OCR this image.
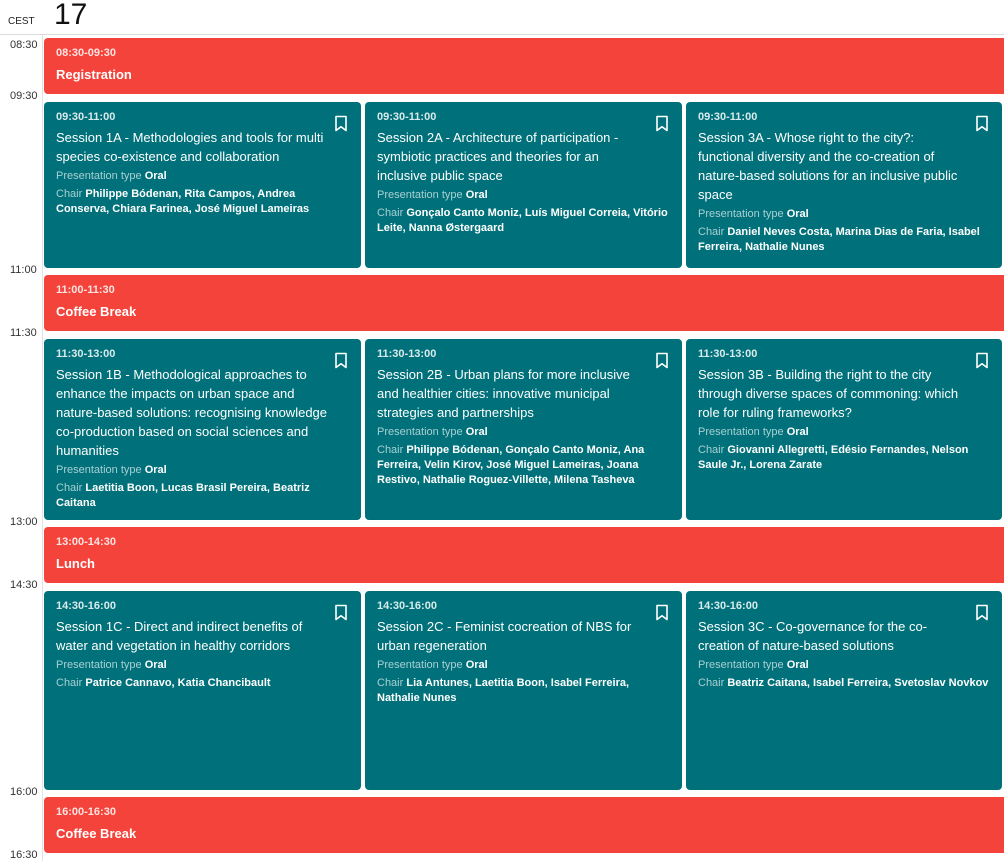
CEST 17
08:30
09:30
11:00
11:30
13:00
14:30
16:00
16:30
08:30-09:30
Registration
11:00-11:30
Coffee Break
13:00-14:30
Lunch
16:00-16:30
Coffee Break
09:30-11:00
Session 1A - Methodologies and tools for multi species co-existence and collaboration
Presentation type Oral
Chair Philippe Bódenan, Rita Campos, Andrea Conserva, Chiara Farinea, José Miguel Lameiras
09:30-11:00
Session 2A - Architecture of participation - symbiotic practices and theories for an inclusive public space
Presentation type Oral
Chair Gonçalo Canto Moniz, Luís Miguel Correia, Vitório Leite, Nanna Østergaard
09:30-11:00
Session 3A - Whose right to the city?: functional diversity and the co-creation of nature-based solutions for an inclusive public space
Presentation type Oral
Chair Daniel Neves Costa, Marina Dias de Faria, Isabel Ferreira, Nathalie Nunes
11:30-13:00
Session 1B - Methodological approaches to enhance the impacts on urban space and nature-based solutions: recognising knowledge co-production based on social sciences and humanities
Presentation type Oral
Chair Laetitia Boon, Lucas Brasil Pereira, Beatriz Caitana
11:30-13:00
Session 2B - Urban plans for more inclusive and healthier cities: innovative municipal strategies and partnerships
Presentation type Oral
Chair Philippe Bódenan, Gonçalo Canto Moniz, Ana Ferreira, Velin Kirov, José Miguel Lameiras, Joana Restivo, Nathalie Roguez-Villette, Milena Tasheva
11:30-13:00
Session 3B - Building the right to the city through diverse spaces of commoning: which role for ruling frameworks?
Presentation type Oral
Chair Giovanni Allegretti, Edésio Fernandes, Nelson Saule Jr., Lorena Zarate
14:30-16:00
Session 1C - Direct and indirect benefits of water and vegetation in healthy corridors
Presentation type Oral
Chair Patrice Cannavo, Katia Chancibault
14:30-16:00
Session 2C - Feminist cocreation of NBS for urban regeneration
Presentation type Oral
Chair Lia Antunes, Laetitia Boon, Isabel Ferreira, Nathalie Nunes
14:30-16:00
Session 3C - Co-governance for the co-creation of nature-based solutions
Presentation type Oral
Chair Beatriz Caitana, Isabel Ferreira, Svetoslav Novkov
